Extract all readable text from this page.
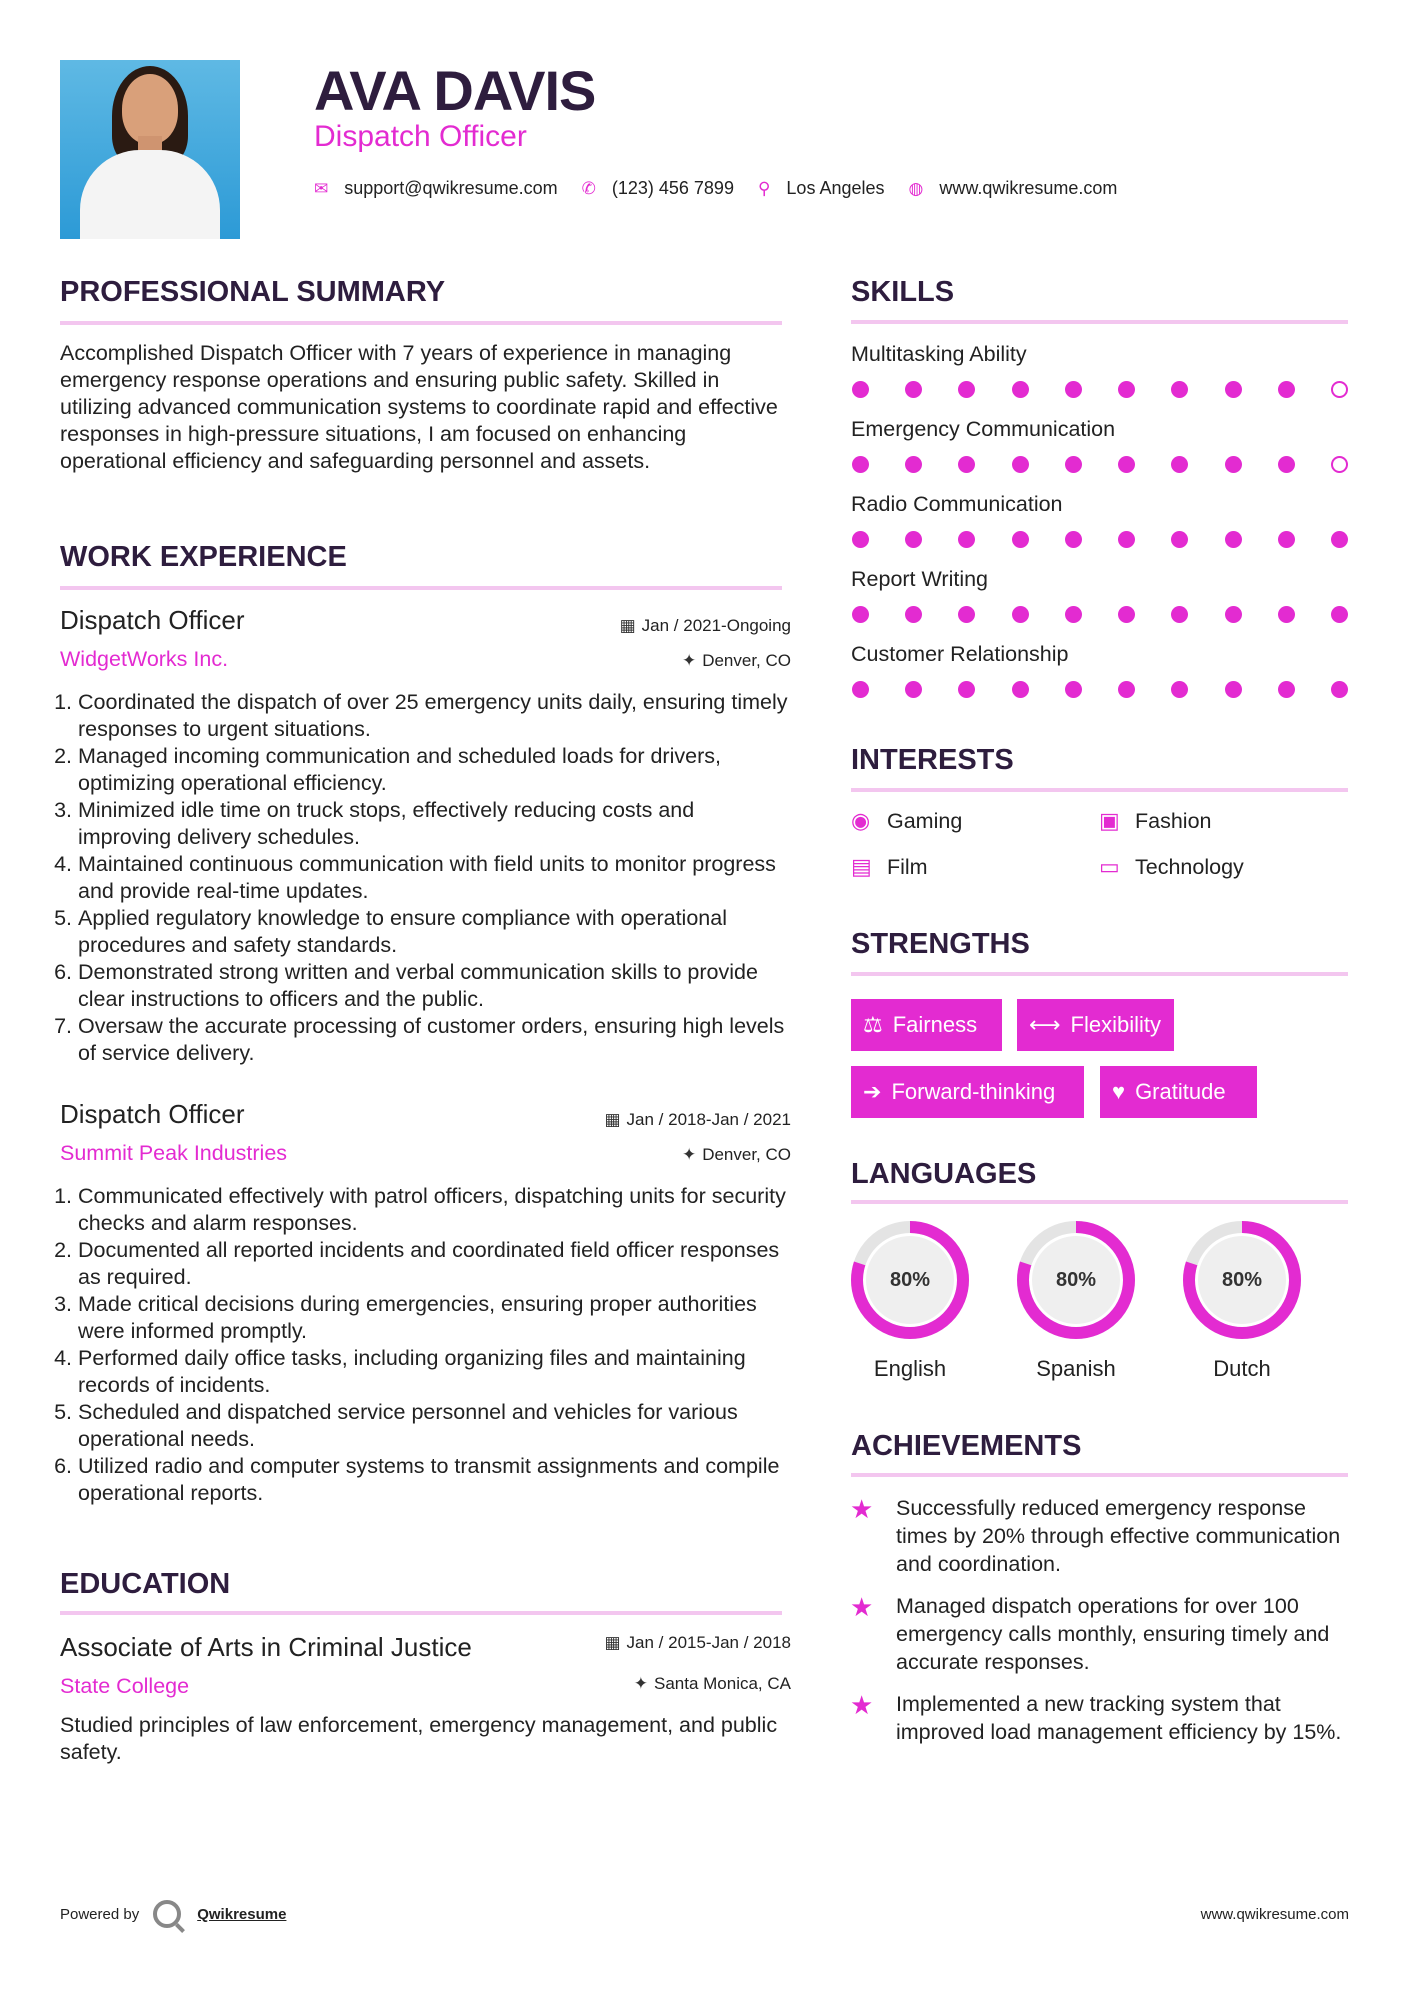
AVA DAVIS
Dispatch Officer
✉ support@qwikresume.com ✆ (123) 456 7899 ⚲ Los Angeles ◍ www.qwikresume.com
PROFESSIONAL SUMMARY
Accomplished Dispatch Officer with 7 years of experience in managing emergency response operations and ensuring public safety. Skilled in utilizing advanced communication systems to coordinate rapid and effective responses in high-pressure situations, I am focused on enhancing operational efficiency and safeguarding personnel and assets.
WORK EXPERIENCE
Dispatch Officer
WidgetWorks Inc.
▦ Jan / 2021-Ongoing
✦ Denver, CO
1. Coordinated the dispatch of over 25 emergency units daily, ensuring timely responses to urgent situations.
2. Managed incoming communication and scheduled loads for drivers, optimizing operational efficiency.
3. Minimized idle time on truck stops, effectively reducing costs and improving delivery schedules.
4. Maintained continuous communication with field units to monitor progress and provide real-time updates.
5. Applied regulatory knowledge to ensure compliance with operational procedures and safety standards.
6. Demonstrated strong written and verbal communication skills to provide clear instructions to officers and the public.
7. Oversaw the accurate processing of customer orders, ensuring high levels of service delivery.
Dispatch Officer
Summit Peak Industries
▦ Jan / 2018-Jan / 2021
✦ Denver, CO
1. Communicated effectively with patrol officers, dispatching units for security checks and alarm responses.
2. Documented all reported incidents and coordinated field officer responses as required.
3. Made critical decisions during emergencies, ensuring proper authorities were informed promptly.
4. Performed daily office tasks, including organizing files and maintaining records of incidents.
5. Scheduled and dispatched service personnel and vehicles for various operational needs.
6. Utilized radio and computer systems to transmit assignments and compile operational reports.
EDUCATION
Associate of Arts in Criminal Justice
State College
▦ Jan / 2015-Jan / 2018
✦ Santa Monica, CA
Studied principles of law enforcement, emergency management, and public safety.
SKILLS
Multitasking Ability
Emergency Communication
Radio Communication
Report Writing
Customer Relationship
INTERESTS
◉ Gaming	▣ Fashion
▤ Film	▭ Technology
STRENGTHS
⚖ Fairness ⟷ Flexibility
➔ Forward-thinking	♥ Gratitude
LANGUAGES
80%
English
80%
Spanish
80%
Dutch
ACHIEVEMENTS
★	Successfully reduced emergency response times by 20% through effective communication and coordination.
★	Managed dispatch operations for over 100 emergency calls monthly, ensuring timely and accurate responses.
★	Implemented a new tracking system that improved load management efficiency by 15%.
Powered by	Qwikresume	www.qwikresume.com
